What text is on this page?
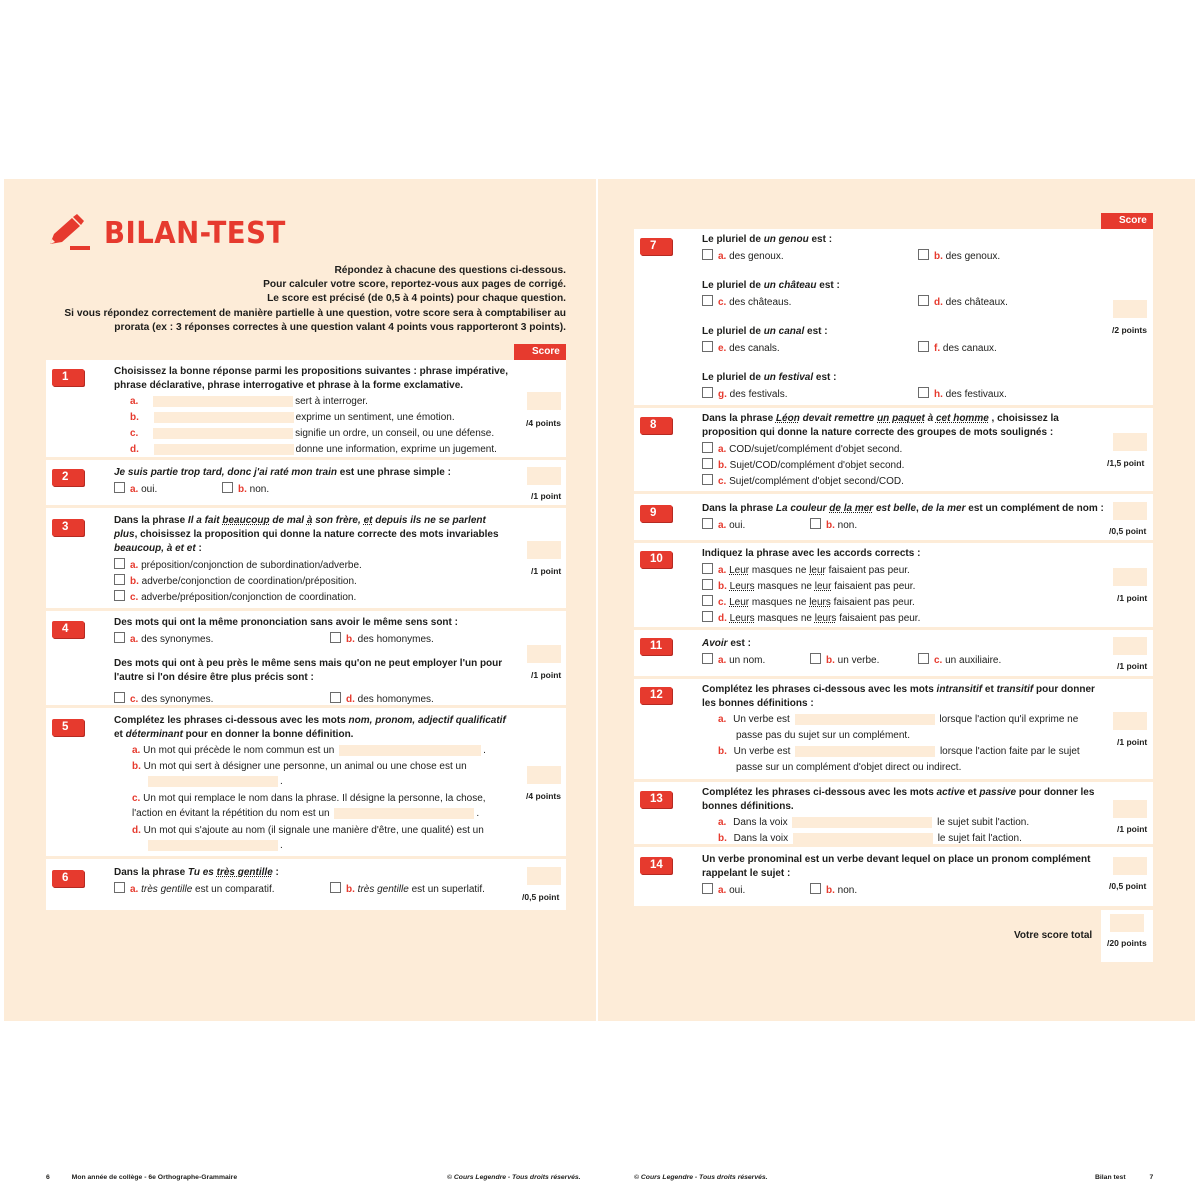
BILAN-TEST
Répondez à chacune des questions ci-dessous.
Pour calculer votre score, reportez-vous aux pages de corrigé.
Le score est précisé (de 0,5 à 4 points) pour chaque question.
Si vous répondez correctement de manière partielle à une question, votre score sera à comptabiliser au
prorata (ex : 3 réponses correctes à une question valant 4 points vous rapporteront 3 points).
Score
1	Choisissez la bonne réponse parmi les propositions suivantes : phrase impérative,
phrase déclarative, phrase interrogative et phrase à la forme exclamative.
a.	sert à interroger.
b.	exprime un sentiment, une émotion.
c.	signifie un ordre, un conseil, ou une défense.
d.	donne une information, exprime un jugement.
/4 points
2	Je suis partie trop tard, donc j'ai raté mon train est une phrase simple :
a. oui.	b. non.
/1 point
3
Dans la phrase Il a fait beaucoup de mal à son frère, et depuis ils ne se parlent
plus, choisissez la proposition qui donne la nature correcte des mots invariables
beaucoup, à et et :
a. préposition/conjonction de subordination/adverbe.
b. adverbe/conjonction de coordination/préposition.
c. adverbe/préposition/conjonction de coordination.
/1 point
4
Des mots qui ont la même prononciation sans avoir le même sens sont :
a. des synonymes.	b. des homonymes.
Des mots qui ont à peu près le même sens mais qu'on ne peut employer l'un pour
l'autre si l'on désire être plus précis sont :
c. des synonymes.	d. des homonymes.
/1 point
5
Complétez les phrases ci-dessous avec les mots nom, pronom, adjectif qualificatif
et déterminant pour en donner la bonne définition.
a. Un mot qui précède le nom commun est un	.
b. Un mot qui sert à désigner une personne, un animal ou une chose est un
.
c. Un mot qui remplace le nom dans la phrase. Il désigne la personne, la chose,
l'action en évitant la répétition du nom est un	.
d. Un mot qui s'ajoute au nom (il signale une manière d'être, une qualité) est un
.
/4 points
6	Dans la phrase Tu es très gentille :
a. très gentille est un comparatif.	b. très gentille est un superlatif.
/0,5 point
6	Mon année de collège - 6e Orthographe-Grammaire	© Cours Legendre - Tous droits réservés.
Score
7
Le pluriel de un genou est :
a. des genoux.	b. des genoux.
Le pluriel de un château est :
c. des châteaus.	d. des châteaux.
Le pluriel de un canal est :
e. des canals.	f. des canaux.
Le pluriel de un festival est :
g. des festivals.	h. des festivaux.
/2 points
8
Dans la phrase Léon devait remettre un paquet à cet homme , choisissez la
proposition qui donne la nature correcte des groupes de mots soulignés :
a. COD/sujet/complément d'objet second.
b. Sujet/COD/complément d'objet second.
c. Sujet/complément d'objet second/COD.
/1,5 point
9	Dans la phrase La couleur de la mer est belle, de la mer est un complément de nom :
a. oui.	b. non.	/0,5 point
10	Indiquez la phrase avec les accords corrects :
a. Leur masques ne leur faisaient pas peur.
b. Leurs masques ne leur faisaient pas peur.
c. Leur masques ne leurs faisaient pas peur.
d. Leurs masques ne leurs faisaient pas peur.
/1 point
11	Avoir est :
a. un nom.	b. un verbe.	c. un auxiliaire.	/1 point
12	Complétez les phrases ci-dessous avec les mots intransitif et transitif pour donner
les bonnes définitions :
a. Un verbe est	lorsque l'action qu'il exprime ne
passe pas du sujet sur un complément.
b. Un verbe est	lorsque l'action faite par le sujet
passe sur un complément d'objet direct ou indirect.
/1 point
13
Complétez les phrases ci-dessous avec les mots active et passive pour donner les
bonnes définitions.
a. Dans la voix	le sujet subit l'action.
b. Dans la voix	le sujet fait l'action.
/1 point
14	Un verbe pronominal est un verbe devant lequel on place un pronom complément
rappelant le sujet :
a. oui.	b. non.	/0,5 point
Votre score total
/20 points
© Cours Legendre - Tous droits réservés.	Bilan test	7
